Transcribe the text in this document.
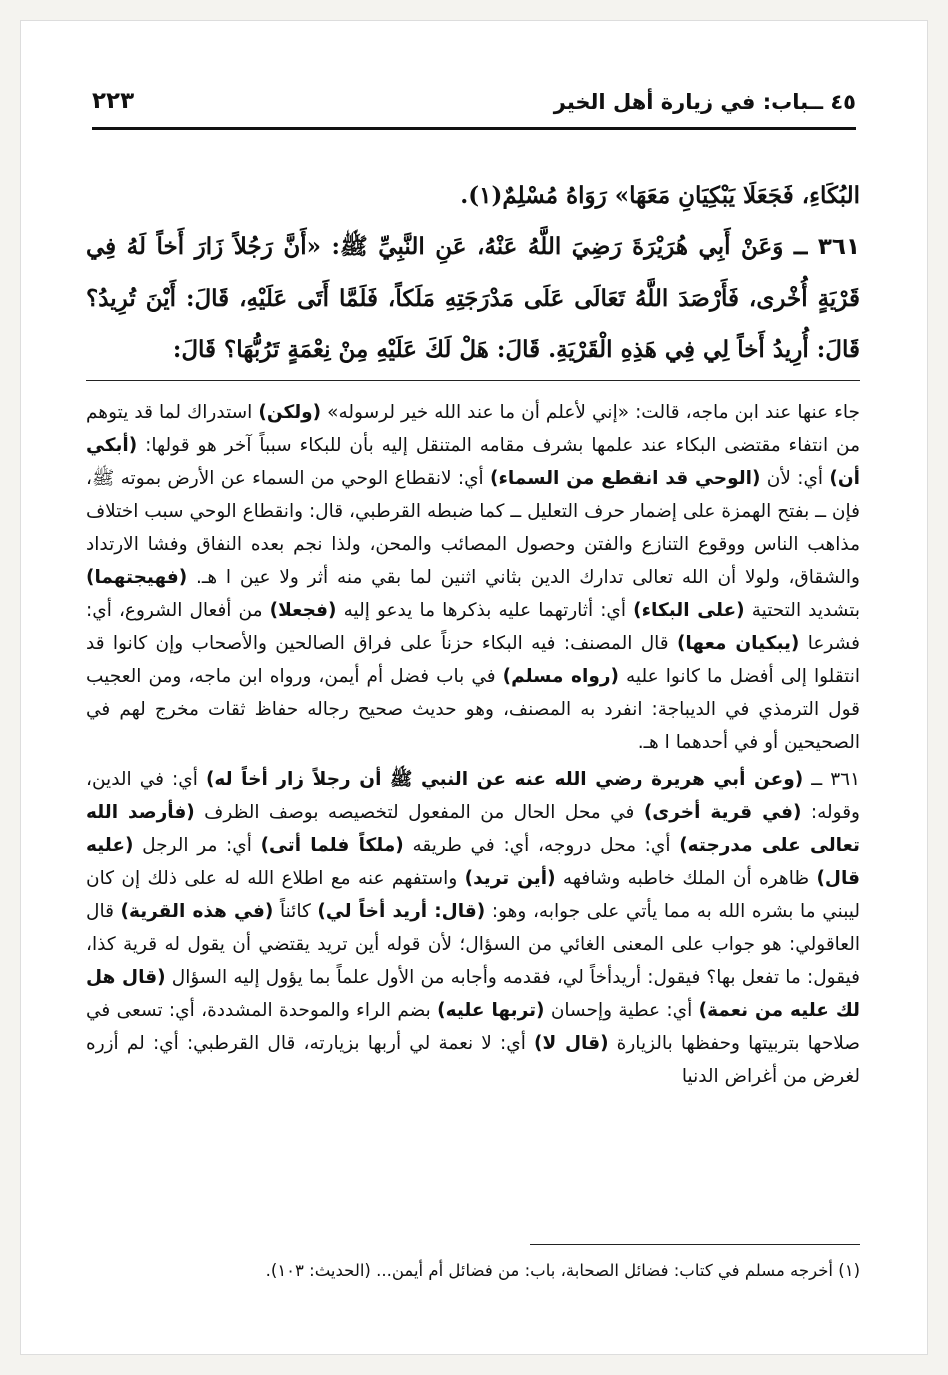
٤٥ ــباب: في زيارة أهل الخير
٢٢٣

البُكَاءِ، فَجَعَلَا يَبْكِيَانِ مَعَهَا» رَوَاهُ مُسْلِمٌ(١).

٣٦١ ــ وَعَنْ أَبِي هُرَيْرَةَ رَضِيَ اللَّهُ عَنْهُ، عَنِ النَّبِيِّ ﷺ: «أَنَّ رَجُلاً زَارَ أَخاً لَهُ فِي قَرْيَةٍ أُخْرى، فَأَرْصَدَ اللَّهُ تَعَالَى عَلَى مَدْرَجَتِهِ مَلَكاً، فَلَمَّا أَتَى عَلَيْهِ، قَالَ: أَيْنَ تُرِيدُ؟ قَالَ: أُرِيدُ أَخاً لِي فِي هَذِهِ الْقَرْيَةِ. قَالَ: هَلْ لَكَ عَلَيْهِ مِنْ نِعْمَةٍ تَرُبُّهَا؟ قَالَ:

جاء عنها عند ابن ماجه، قالت: «إني لأعلم أن ما عند الله خير لرسوله» (ولكن) استدراك لما قد يتوهم من انتفاء مقتضى البكاء عند علمها بشرف مقامه المتنقل إليه بأن للبكاء سبباً آخر هو قولها: (أبكي أن) أي: لأن (الوحي قد انقطع من السماء) أي: لانقطاع الوحي من السماء عن الأرض بموته ﷺ، فإن ــ بفتح الهمزة على إضمار حرف التعليل ــ كما ضبطه القرطبي، قال: وانقطاع الوحي سبب اختلاف مذاهب الناس ووقوع التنازع والفتن وحصول المصائب والمحن، ولذا نجم بعده النفاق وفشا الارتداد والشقاق، ولولا أن الله تعالى تدارك الدين بثاني اثنين لما بقي منه أثر ولا عين ا هـ. (فهيجتهما) بتشديد التحتية (على البكاء) أي: أثارتهما عليه بذكرها ما يدعو إليه (فجعلا) من أفعال الشروع، أي: فشرعا (يبكيان معها) قال المصنف: فيه البكاء حزناً على فراق الصالحين والأصحاب وإن كانوا قد انتقلوا إلى أفضل ما كانوا عليه (رواه مسلم) في باب فضل أم أيمن، ورواه ابن ماجه، ومن العجيب قول الترمذي في الديباجة: انفرد به المصنف، وهو حديث صحيح رجاله حفاظ ثقات مخرج لهم في الصحيحين أو في أحدهما ا هـ.

٣٦١ ــ (وعن أبي هريرة رضي الله عنه عن النبي ﷺ أن رجلاً زار أخاً له) أي: في الدين، وقوله: (في قرية أخرى) في محل الحال من المفعول لتخصيصه بوصف الظرف (فأرصد الله تعالى على مدرجته) أي: محل دروجه، أي: في طريقه (ملكاً فلما أتى) أي: مر الرجل (عليه قال) ظاهره أن الملك خاطبه وشافهه (أين تريد) واستفهم عنه مع اطلاع الله له على ذلك إن كان ليبني ما بشره الله به مما يأتي على جوابه، وهو: (قال: أريد أخاً لي) كائناً (في هذه القرية) قال العاقولي: هو جواب على المعنى الغائي من السؤال؛ لأن قوله أين تريد يقتضي أن يقول له قرية كذا، فيقول: ما تفعل بها؟ فيقول: أريدأخاً لي، فقدمه وأجابه من الأول علماً بما يؤول إليه السؤال (قال هل لك عليه من نعمة) أي: عطية وإحسان (تربها عليه) بضم الراء والموحدة المشددة، أي: تسعى في صلاحها بتربيتها وحفظها بالزيارة (قال لا) أي: لا نعمة لي أربها بزيارته، قال القرطبي: أي: لم أزره لغرض من أغراض الدنيا

(١) أخرجه مسلم في كتاب: فضائل الصحابة، باب: من فضائل أم أيمن... (الحديث: ١٠٣).
